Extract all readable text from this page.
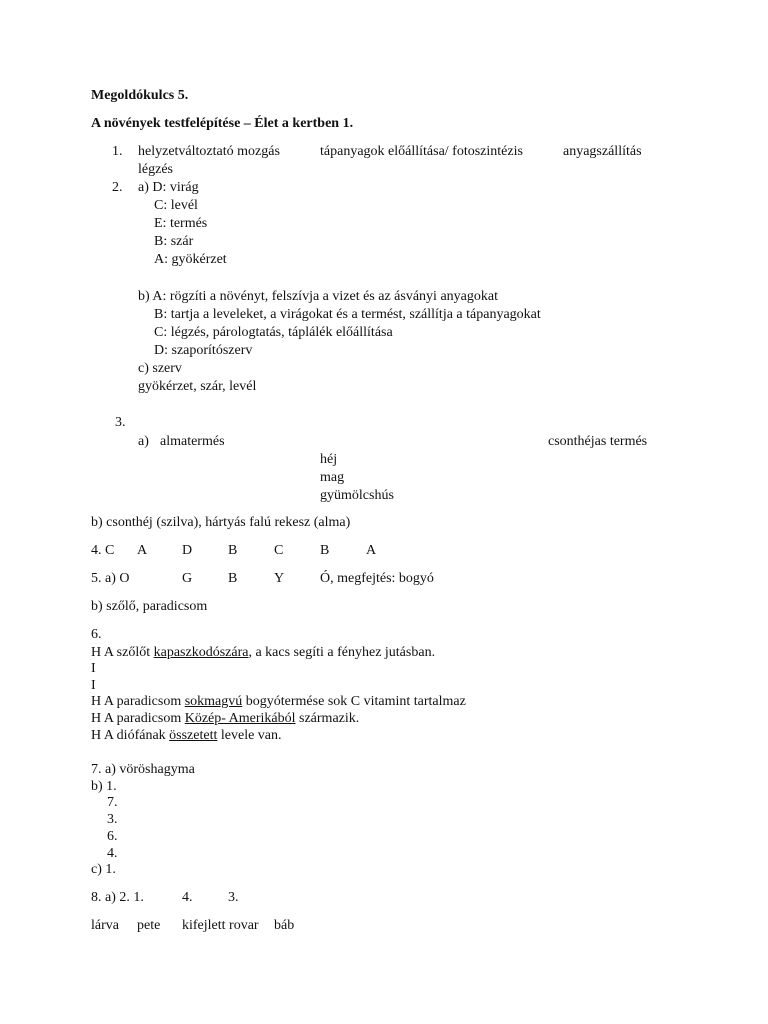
Megoldókulcs 5.
A növények testfelépítése – Élet a kertben 1.
1. helyzetváltoztató mozgás	tápanyagok előállítása/ fotoszintézis	anyagszállítás
légzés
2. a) D: virág
C: levél
E: termés
B: szár
A: gyökérzet
b) A: rögzíti a növényt, felszívja a vizet és az ásványi anyagokat
B: tartja a leveleket, a virágokat és a termést, szállítja a tápanyagokat
C: légzés, párologtatás, táplálék előállítása
D: szaporítószerv
c) szerv
gyökérzet, szár, levél
3.
a) almatermés	csonthéjas termés
héj
mag
gyümölcshús
b) csonthéj (szilva), hártyás falú rekesz (alma)
4. C A D	B	C	B	A
5. a) O	G	B	Y	Ó, megfejtés: bogyó
b) szőlő, paradicsom
6.
H A szőlőt kapaszkodószára, a kacs segíti a fényhez jutásban.
I
I
H A paradicsom sokmagvú bogyótermése sok C vitamint tartalmaz
H A paradicsom Közép- Amerikából származik.
H A diófának összetett levele van.
7. a) vöröshagyma
b) 1.
7.
3.
6.
4.
c) 1.
8. a) 2. 1.	4.	3.
lárva pete kifejlett rovar báb
